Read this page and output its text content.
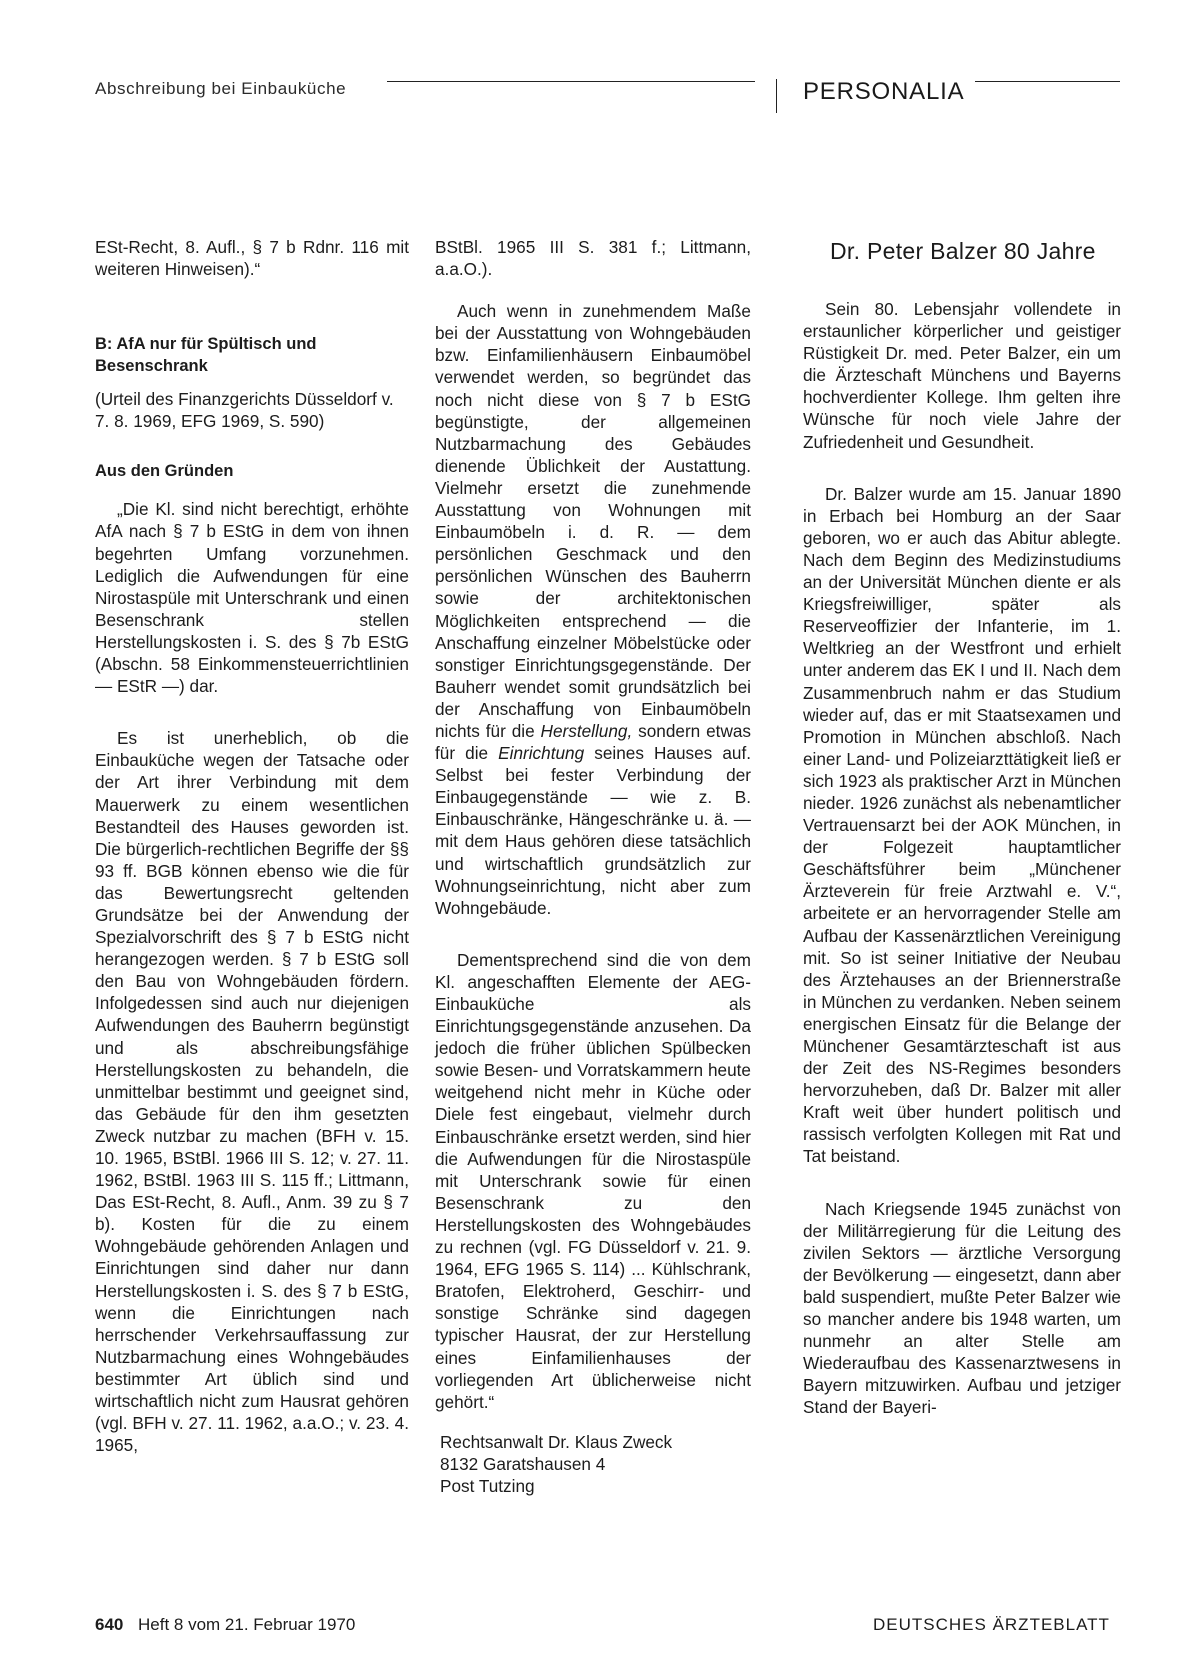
Abschreibung bei Einbauküche	PERSONALIA

ESt-Recht, 8. Aufl., § 7 b Rdnr. 116 mit weiteren Hinweisen).“

B: AfA nur für Spültisch und Besenschrank

(Urteil des Finanzgerichts Düsseldorf v. 7. 8. 1969, EFG 1969, S. 590)

Aus den Gründen

„Die Kl. sind nicht berechtigt, erhöhte AfA nach § 7 b EStG in dem von ihnen begehrten Umfang vorzunehmen. Lediglich die Aufwendungen für eine Nirostaspüle mit Unterschrank und einen Besenschrank stellen Herstellungskosten i. S. des § 7b EStG (Abschn. 58 Einkommensteuerrichtlinien — EStR —) dar.

Es ist unerheblich, ob die Einbauküche wegen der Tatsache oder der Art ihrer Verbindung mit dem Mauerwerk zu einem wesentlichen Bestandteil des Hauses geworden ist. Die bürgerlich-rechtlichen Begriffe der §§ 93 ff. BGB können ebenso wie die für das Bewertungsrecht geltenden Grundsätze bei der Anwendung der Spezialvorschrift des § 7 b EStG nicht herangezogen werden. § 7 b EStG soll den Bau von Wohngebäuden fördern. Infolgedessen sind auch nur diejenigen Aufwendungen des Bauherrn begünstigt und als abschreibungsfähige Herstellungskosten zu behandeln, die unmittelbar bestimmt und geeignet sind, das Gebäude für den ihm gesetzten Zweck nutzbar zu machen (BFH v. 15. 10. 1965, BStBl. 1966 III S. 12; v. 27. 11. 1962, BStBl. 1963 III S. 115 ff.; Littmann, Das ESt-Recht, 8. Aufl., Anm. 39 zu § 7 b). Kosten für die zu einem Wohngebäude gehörenden Anlagen und Einrichtungen sind daher nur dann Herstellungskosten i. S. des § 7 b EStG, wenn die Einrichtungen nach herrschender Verkehrsauffassung zur Nutzbarmachung eines Wohngebäudes bestimmter Art üblich sind und wirtschaftlich nicht zum Hausrat gehören (vgl. BFH v. 27. 11. 1962, a.a.O.; v. 23. 4. 1965,

BStBl. 1965 III S. 381 f.; Littmann, a.a.O.).

Auch wenn in zunehmendem Maße bei der Ausstattung von Wohngebäuden bzw. Einfamilienhäusern Einbaumöbel verwendet werden, so begründet das noch nicht diese von § 7 b EStG begünstigte, der allgemeinen Nutzbarmachung des Gebäudes dienende Üblichkeit der Austattung. Vielmehr ersetzt die zunehmende Ausstattung von Wohnungen mit Einbaumöbeln i. d. R. — dem persönlichen Geschmack und den persönlichen Wünschen des Bauherrn sowie der architektonischen Möglichkeiten entsprechend — die Anschaffung einzelner Möbelstücke oder sonstiger Einrichtungsgegenstände. Der Bauherr wendet somit grundsätzlich bei der Anschaffung von Einbaumöbeln nichts für die Herstellung, sondern etwas für die Einrichtung seines Hauses auf. Selbst bei fester Verbindung der Einbaugegenstände — wie z. B. Einbauschränke, Hängeschränke u. ä. — mit dem Haus gehören diese tatsächlich und wirtschaftlich grundsätzlich zur Wohnungseinrichtung, nicht aber zum Wohngebäude.

Dementsprechend sind die von dem Kl. angeschafften Elemente der AEG-Einbauküche als Einrichtungsgegenstände anzusehen. Da jedoch die früher üblichen Spülbecken sowie Besen- und Vorratskammern heute weitgehend nicht mehr in Küche oder Diele fest eingebaut, vielmehr durch Einbauschränke ersetzt werden, sind hier die Aufwendungen für die Nirostaspüle mit Unterschrank sowie für einen Besenschrank zu den Herstellungskosten des Wohngebäudes zu rechnen (vgl. FG Düsseldorf v. 21. 9. 1964, EFG 1965 S. 114) ... Kühlschrank, Bratofen, Elektroherd, Geschirr- und sonstige Schränke sind dagegen typischer Hausrat, der zur Herstellung eines Einfamilienhauses der vorliegenden Art üblicherweise nicht gehört.“

Rechtsanwalt Dr. Klaus Zweck
8132 Garatshausen 4
Post Tutzing
Dr. Peter Balzer 80 Jahre

Sein 80. Lebensjahr vollendete in erstaunlicher körperlicher und geistiger Rüstigkeit Dr. med. Peter Balzer, ein um die Ärzteschaft Münchens und Bayerns hochverdienter Kollege. Ihm gelten ihre Wünsche für noch viele Jahre der Zufriedenheit und Gesundheit.

Dr. Balzer wurde am 15. Januar 1890 in Erbach bei Homburg an der Saar geboren, wo er auch das Abitur ablegte. Nach dem Beginn des Medizinstudiums an der Universität München diente er als Kriegsfreiwilliger, später als Reserveoffizier der Infanterie, im 1. Weltkrieg an der Westfront und erhielt unter anderem das EK I und II. Nach dem Zusammenbruch nahm er das Studium wieder auf, das er mit Staatsexamen und Promotion in München abschloß. Nach einer Land- und Polizeiarzttätigkeit ließ er sich 1923 als praktischer Arzt in München nieder. 1926 zunächst als nebenamtlicher Vertrauensarzt bei der AOK München, in der Folgezeit hauptamtlicher Geschäftsführer beim „Münchener Ärzteverein für freie Arztwahl e. V.“, arbeitete er an hervorragender Stelle am Aufbau der Kassenärztlichen Vereinigung mit. So ist seiner Initiative der Neubau des Ärztehauses an der Briennerstraße in München zu verdanken. Neben seinem energischen Einsatz für die Belange der Münchener Gesamtärzteschaft ist aus der Zeit des NS-Regimes besonders hervorzuheben, daß Dr. Balzer mit aller Kraft weit über hundert politisch und rassisch verfolgten Kollegen mit Rat und Tat beistand.

Nach Kriegsende 1945 zunächst von der Militärregierung für die Leitung des zivilen Sektors — ärztliche Versorgung der Bevölkerung — eingesetzt, dann aber bald suspendiert, mußte Peter Balzer wie so mancher andere bis 1948 warten, um nunmehr an alter Stelle am Wiederaufbau des Kassenarztwesens in Bayern mitzuwirken. Aufbau und jetziger Stand der Bayeri-

640 Heft 8 vom 21. Februar 1970	DEUTSCHES ÄRZTEBLATT
